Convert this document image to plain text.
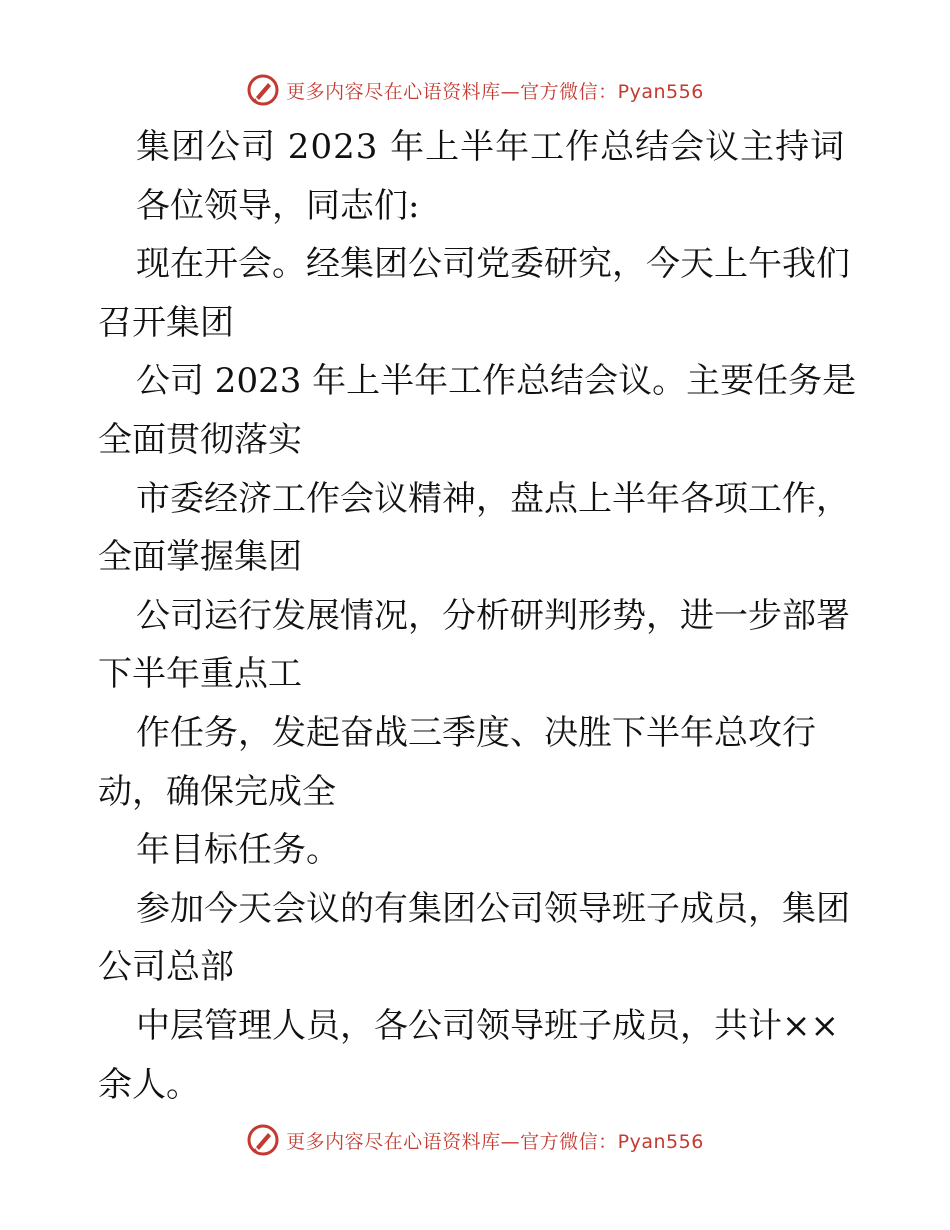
更多内容尽在心语资料库—官方微信：Pyan556
集团公司 2023 年上半年工作总结会议主持词
各位领导，同志们:
现在开会。经集团公司党委研究，今天上午我们
召开集团
公司 2023 年上半年工作总结会议。主要任务是
全面贯彻落实
市委经济工作会议精神，盘点上半年各项工作，
全面掌握集团
公司运行发展情况，分析研判形势，进一步部署
下半年重点工
作任务，发起奋战三季度、决胜下半年总攻行
动，确保完成全
年目标任务。
参加今天会议的有集团公司领导班子成员，集团
公司总部
中层管理人员，各公司领导班子成员，共计××
余人。
更多内容尽在心语资料库—官方微信：Pyan556
